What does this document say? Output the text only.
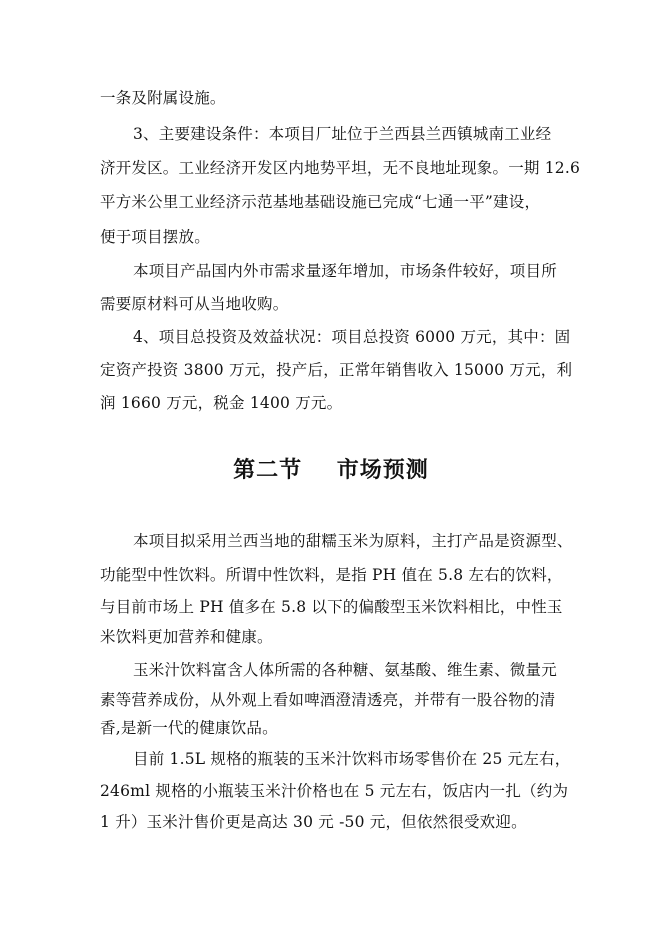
一条及附属设施。
3、主要建设条件：本项目厂址位于兰西县兰西镇城南工业经
济开发区。工业经济开发区内地势平坦，无不良地址现象。一期 12.6
平方米公里工业经济示范基地基础设施已完成“七通一平”建设，
便于项目摆放。
本项目产品国内外市需求量逐年增加，市场条件较好，项目所
需要原材料可从当地收购。
4、项目总投资及效益状况：项目总投资 6000 万元，其中：固
定资产投资 3800 万元，投产后，正常年销售收入 15000 万元，利
润 1660 万元，税金 1400 万元。
第二节    市场预测
本项目拟采用兰西当地的甜糯玉米为原料，主打产品是资源型、
功能型中性饮料。所谓中性饮料，是指 PH 值在 5.8 左右的饮料，
与目前市场上 PH 值多在 5.8 以下的偏酸型玉米饮料相比，中性玉
米饮料更加营养和健康。
玉米汁饮料富含人体所需的各种糖、氨基酸、维生素、微量元
素等营养成份，从外观上看如啤酒澄清透亮，并带有一股谷物的清
香,是新一代的健康饮品。
目前 1.5L 规格的瓶装的玉米汁饮料市场零售价在 25 元左右，
246ml 规格的小瓶装玉米汁价格也在 5 元左右，饭店内一扎（约为
1 升）玉米汁售价更是高达 30 元 -50 元，但依然很受欢迎。
